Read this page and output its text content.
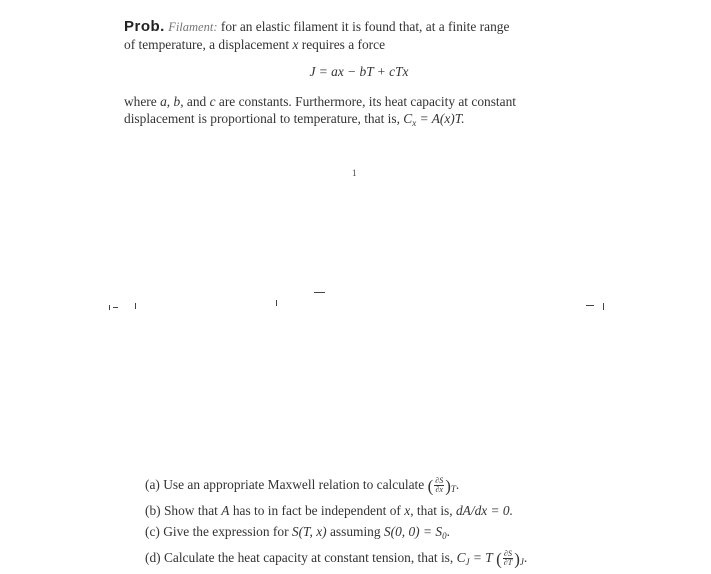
Prob. Filament: for an elastic filament it is found that, at a finite range
of temperature, a displacement x requires a force
J = ax − bT + cTx
where a, b, and c are constants. Furthermore, its heat capacity at constant
displacement is proportional to temperature, that is, $C_x = A(x)T$.
1
(a) Use an appropriate Maxwell relation to calculate ( $\frac{\partial S}{\partial x} )_T$.
(b) Show that A has to in fact be independent of x, that is, dA/dx = 0.
(c) Give the expression for S(T, x) assuming S(0, $0) = S_0$.
(d) Calculate the heat capacity at constant tension, that is, $C_J = T$ ( $\frac{\partial S}{\partial T} )_J$.
